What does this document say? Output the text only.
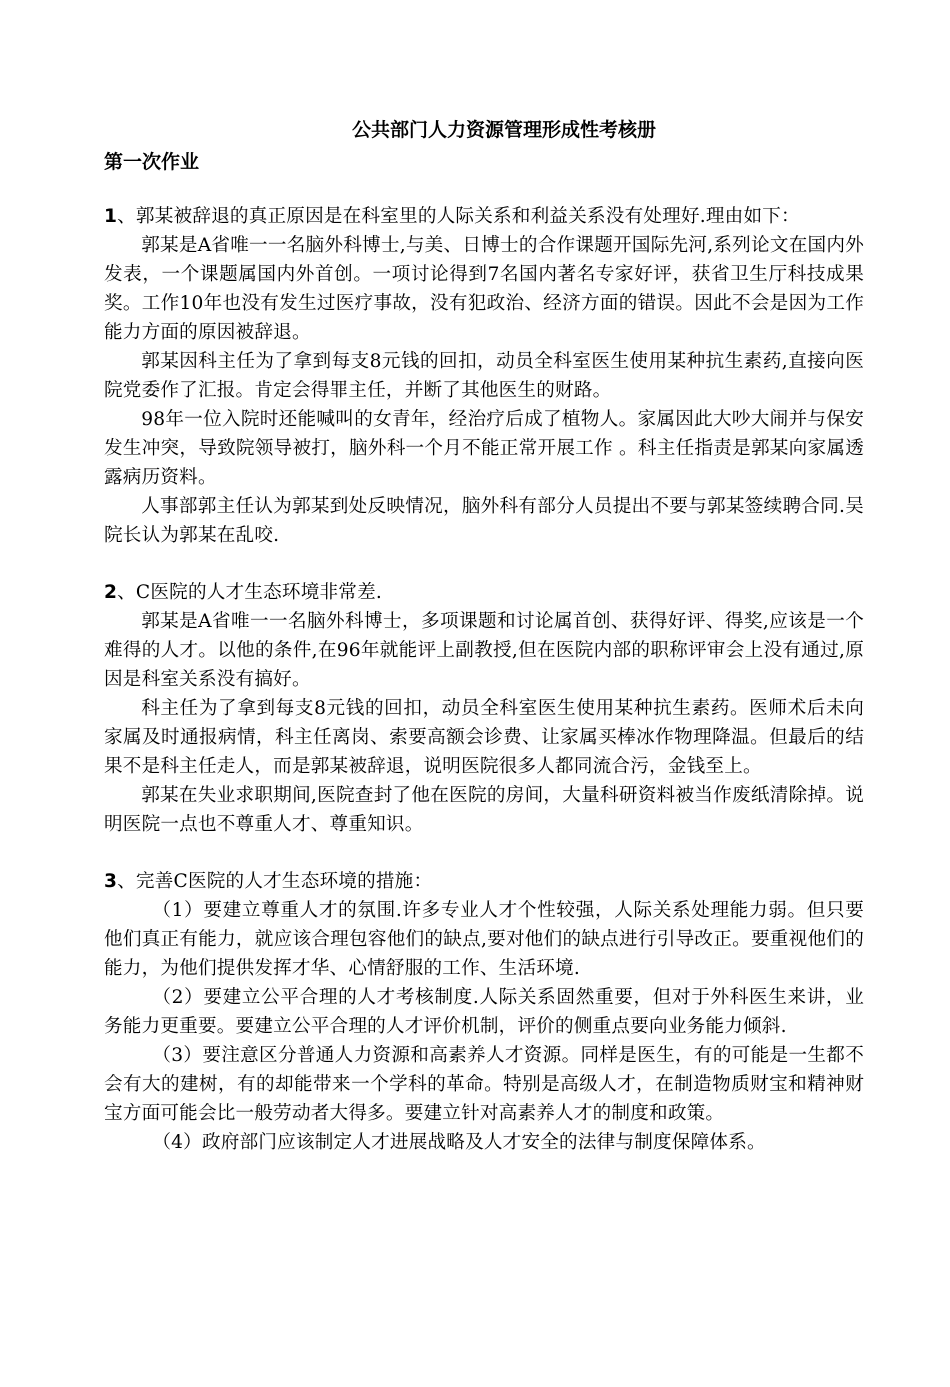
公共部门人力资源管理形成性考核册
第一次作业

1、郭某被辞退的真正原因是在科室里的人际关系和利益关系没有处理好.理由如下：

郭某是A省唯一一名脑外科博士,与美、日博士的合作课题开国际先河,系列论文在国内外发表，一个课题属国内外首创。一项讨论得到7名国内著名专家好评，获省卫生厅科技成果奖。工作10年也没有发生过医疗事故，没有犯政治、经济方面的错误。因此不会是因为工作能力方面的原因被辞退。

郭某因科主任为了拿到每支8元钱的回扣，动员全科室医生使用某种抗生素药,直接向医院党委作了汇报。肯定会得罪主任，并断了其他医生的财路。

98年一位入院时还能喊叫的女青年，经治疗后成了植物人。家属因此大吵大闹并与保安发生冲突，导致院领导被打，脑外科一个月不能正常开展工作 。科主任指责是郭某向家属透露病历资料。

人事部郭主任认为郭某到处反映情况，脑外科有部分人员提出不要与郭某签续聘合同.吴院长认为郭某在乱咬.

2、C医院的人才生态环境非常差.

郭某是A省唯一一名脑外科博士，多项课题和讨论属首创、获得好评、得奖,应该是一个难得的人才。以他的条件,在96年就能评上副教授,但在医院内部的职称评审会上没有通过,原因是科室关系没有搞好。

科主任为了拿到每支8元钱的回扣，动员全科室医生使用某种抗生素药。医师术后未向家属及时通报病情，科主任离岗、索要高额会诊费、让家属买棒冰作物理降温。但最后的结果不是科主任走人，而是郭某被辞退，说明医院很多人都同流合污，金钱至上。

郭某在失业求职期间,医院查封了他在医院的房间，大量科研资料被当作废纸清除掉。说明医院一点也不尊重人才、尊重知识。

3、完善C医院的人才生态环境的措施：

（1）要建立尊重人才的氛围.许多专业人才个性较强，人际关系处理能力弱。但只要他们真正有能力，就应该合理包容他们的缺点,要对他们的缺点进行引导改正。要重视他们的能力，为他们提供发挥才华、心情舒服的工作、生活环境.

（2）要建立公平合理的人才考核制度.人际关系固然重要，但对于外科医生来讲，业务能力更重要。要建立公平合理的人才评价机制，评价的侧重点要向业务能力倾斜.

（3）要注意区分普通人力资源和高素养人才资源。同样是医生，有的可能是一生都不会有大的建树，有的却能带来一个学科的革命。特别是高级人才，在制造物质财宝和精神财宝方面可能会比一般劳动者大得多。要建立针对高素养人才的制度和政策。

（4）政府部门应该制定人才进展战略及人才安全的法律与制度保障体系。
